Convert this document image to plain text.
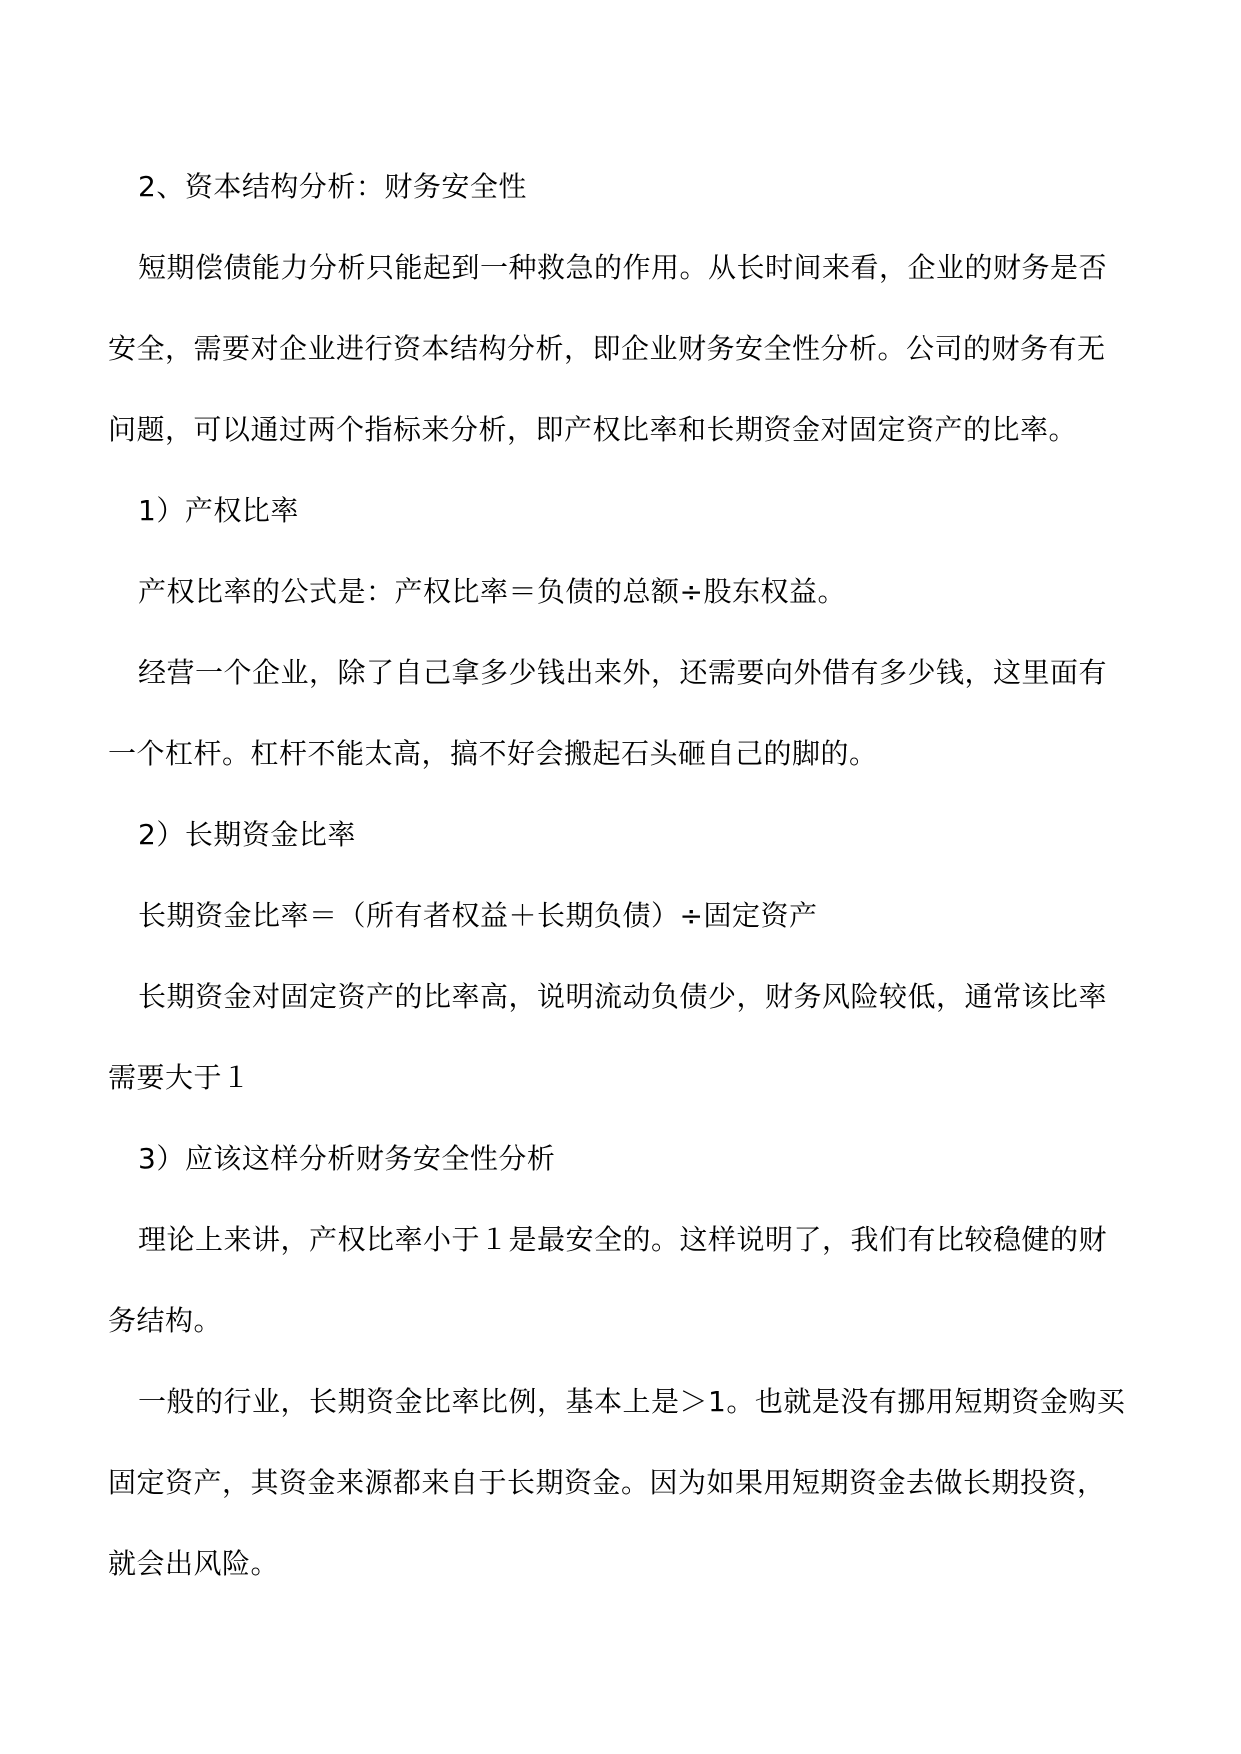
2、资本结构分析：财务安全性
短期偿债能力分析只能起到一种救急的作用。从长时间来看，企业的财务是否
安全，需要对企业进行资本结构分析，即企业财务安全性分析。公司的财务有无
问题，可以通过两个指标来分析，即产权比率和长期资金对固定资产的比率。
1）产权比率
产权比率的公式是：产权比率＝负债的总额÷股东权益。
经营一个企业，除了自己拿多少钱出来外，还需要向外借有多少钱，这里面有
一个杠杆。杠杆不能太高，搞不好会搬起石头砸自己的脚的。
2）长期资金比率
长期资金比率＝（所有者权益＋长期负债）÷固定资产
长期资金对固定资产的比率高，说明流动负债少，财务风险较低，通常该比率
需要大于１
3）应该这样分析财务安全性分析
理论上来讲，产权比率小于１是最安全的。这样说明了，我们有比较稳健的财
务结构。
一般的行业，长期资金比率比例，基本上是＞1。也就是没有挪用短期资金购买
固定资产，其资金来源都来自于长期资金。因为如果用短期资金去做长期投资，
就会出风险。
